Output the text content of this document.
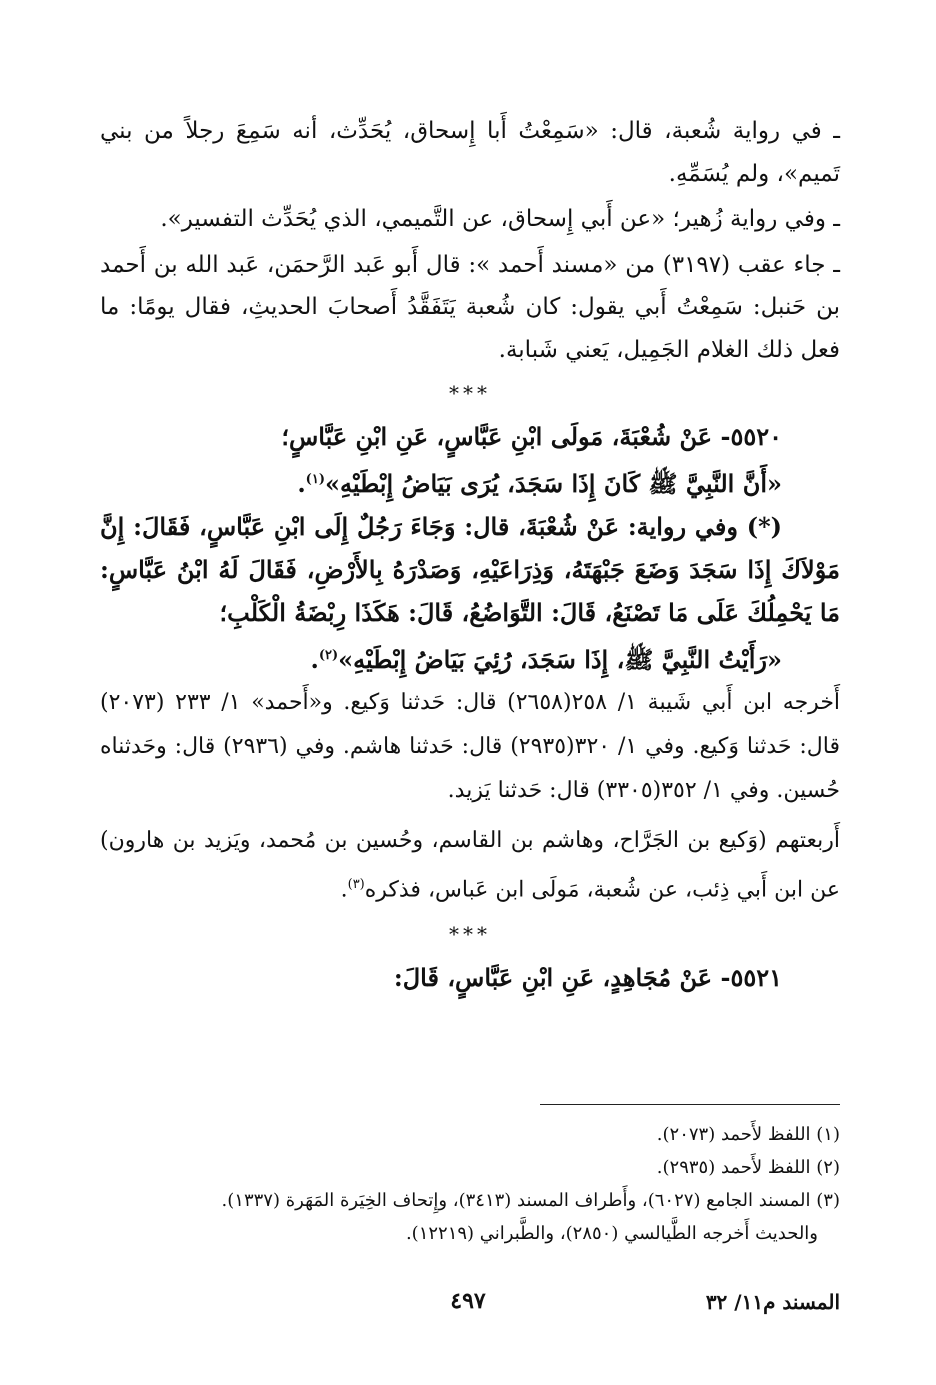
ـ في رواية شُعبة، قال: «سَمِعْتُ أَبا إِسحاق، يُحَدِّث، أنه سَمِعَ رجلاً من بني تَميم»، ولم يُسَمِّهِ.

ـ وفي رواية زُهير؛ «عن أَبي إِسحاق، عن التَّميمي، الذي يُحَدِّث التفسير».

ـ جاء عقب (٣١٩٧) من «مسند أَحمد »: قال أَبو عَبد الرَّحمَن، عَبد الله بن أَحمد بن حَنبل: سَمِعْتُ أَبي يقول: كان شُعبة يَتَفَقَّدُ أَصحابَ الحديثِ، فقال يومًا: ما فعل ذلك الغلام الجَمِيل، يَعني شَبابة.

***

٥٥٢٠- عَنْ شُعْبَةَ، مَولَى ابْنِ عَبَّاسٍ، عَنِ ابْنِ عَبَّاسٍ؛

«أَنَّ النَّبِيَّ ﷺ كَانَ إِذَا سَجَدَ، يُرَى بَيَاضُ إِبْطَيْهِ»$^{(١)}$.

(*) وفي رواية: عَنْ شُعْبَةَ، قال: وَجَاءَ رَجُلٌ إِلَى ابْنِ عَبَّاسٍ، فَقَالَ: إِنَّ مَوْلاَكَ إِذَا سَجَدَ وَضَعَ جَبْهَتَهُ، وَذِرَاعَيْهِ، وَصَدْرَهُ بِالأَرْضِ، فَقَالَ لَهُ ابْنُ عَبَّاسٍ: مَا يَحْمِلُكَ عَلَى مَا تَصْنَعُ، قَالَ: التَّوَاضُعُ، قَالَ: هَكَذَا رِبْضَةُ الْكَلْبِ؛

«رَأَيْتُ النَّبِيَّ ﷺ، إِذَا سَجَدَ، رُئِيَ بَيَاضُ إِبْطَيْهِ»$^{(٢)}$.

أَخرجه ابن أَبي شَيبة ١/ ٢٥٨(٢٦٥٨) قال: حَدثنا وَكيع. و«أَحمد» ١/ ٢٣٣ (٢٠٧٣) قال: حَدثنا وَكيع. وفي ١/ ٣٢٠(٢٩٣٥) قال: حَدثنا هاشم. وفي (٢٩٣٦) قال: وحَدثناه حُسين. وفي ١/ ٣٥٢(٣٣٠٥) قال: حَدثنا يَزيد.

أَربعتهم (وَكيع بن الجَرَّاح، وهاشم بن القاسم، وحُسين بن مُحمد، ويَزيد بن هارون) عن ابن أَبي ذِئب، عن شُعبة، مَولَى ابن عَباس، فذكره$^{(٣)}$.

***

٥٥٢١- عَنْ مُجَاهِدٍ، عَنِ ابْنِ عَبَّاسٍ، قَالَ:

(١) اللفظ لأَحمد (٢٠٧٣).

(٢) اللفظ لأَحمد (٢٩٣٥).

(٣) المسند الجامع (٦٠٢٧)، وأَطراف المسند (٣٤١٣)، وإِتحاف الخِيَرة المَهَرة (١٣٣٧).

والحديث أَخرجه الطَّيالسي (٢٨٥٠)، والطَّبراني (١٢٢١٩).

المسند م١١/ ٣٢
٤٩٧
